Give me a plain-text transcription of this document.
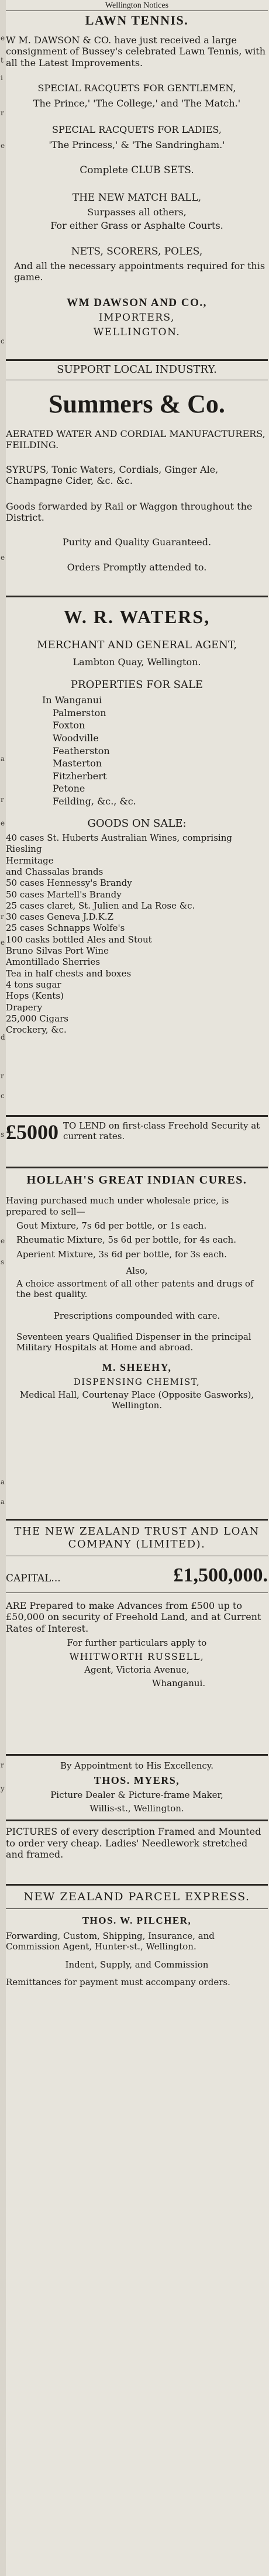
e
t
i
r
e
c
e
a
r
e
r
e
d
r
c
s
e
s
a
a
r
y
Wellington Notices

LAWN TENNIS.

W M. DAWSON & CO. have just received a large consignment of Bussey's celebrated Lawn Tennis, with all the Latest Improvements.

SPECIAL RACQUETS FOR GENTLEMEN,

The Prince,' 'The College,' and 'The Match.'

SPECIAL RACQUETS FOR LADIES,

'The Princess,' & 'The Sandringham.'

Complete CLUB SETS.

THE NEW MATCH BALL,

Surpasses all others,

For either Grass or Asphalte Courts.

NETS, SCORERS, POLES,

And all the necessary appointments required for this game.

WM DAWSON AND CO.,

IMPORTERS,

WELLINGTON.

SUPPORT LOCAL INDUSTRY.

Summers & Co.

AERATED WATER AND CORDIAL MANUFACTURERS, FEILDING.

SYRUPS, Tonic Waters, Cordials, Ginger Ale, Champagne Cider, &c. &c.

Goods forwarded by Rail or Waggon throughout the District.

Purity and Quality Guaranteed.

Orders Promptly attended to.

W. R. WATERS,

MERCHANT AND GENERAL AGENT,

Lambton Quay, Wellington.

PROPERTIES FOR SALE

In Wanganui

Palmerston

Foxton

Woodville

Featherston

Masterton

Fitzherbert

Petone

Feilding, &c., &c.

GOODS ON SALE:

40 cases St. Huberts Australian Wines, comprising

Riesling

Hermitage

and Chassalas brands

50 cases Hennessy's Brandy

50 cases Martell's Brandy

25 cases claret, St. Julien and La Rose &c.

30 cases Geneva J.D.K.Z

25 cases Schnapps Wolfe's

100 casks bottled Ales and Stout

Bruno Silvas Port Wine

Amontillado Sherries

Tea in half chests and boxes

4 tons sugar

Hops (Kents)

Drapery

25,000 Cigars

Crockery, &c.

£5000 TO LEND on first-class Freehold Security at current rates.

HOLLAH'S GREAT INDIAN CURES.

Having purchased much under wholesale price, is prepared to sell—

Gout Mixture, 7s 6d per bottle, or 1s each.

Rheumatic Mixture, 5s 6d per bottle, for 4s each.

Aperient Mixture, 3s 6d per bottle, for 3s each.

Also,

A choice assortment of all other patents and drugs of the best quality.

Prescriptions compounded with care.

Seventeen years Qualified Dispenser in the principal Military Hospitals at Home and abroad.

M. SHEEHY,

DISPENSING CHEMIST,

Medical Hall, Courtenay Place (Opposite Gasworks), Wellington.

THE NEW ZEALAND TRUST AND LOAN COMPANY (LIMITED).

CAPITAL...	£1,500,000.

ARE Prepared to make Advances from £500 up to £50,000 on security of Freehold Land, and at Current Rates of Interest.

For further particulars apply to

WHITWORTH RUSSELL,

Agent, Victoria Avenue,

Whanganui.

By Appointment to His Excellency.

THOS. MYERS,

Picture Dealer & Picture-frame Maker,

Willis-st., Wellington.

PICTURES of every description Framed and Mounted to order very cheap. Ladies' Needlework stretched and framed.

NEW ZEALAND PARCEL EXPRESS.

THOS. W. PILCHER,

Forwarding, Custom, Shipping, Insurance, and Commission Agent, Hunter-st., Wellington.

Indent, Supply, and Commission

Remittances for payment must accompany orders.
